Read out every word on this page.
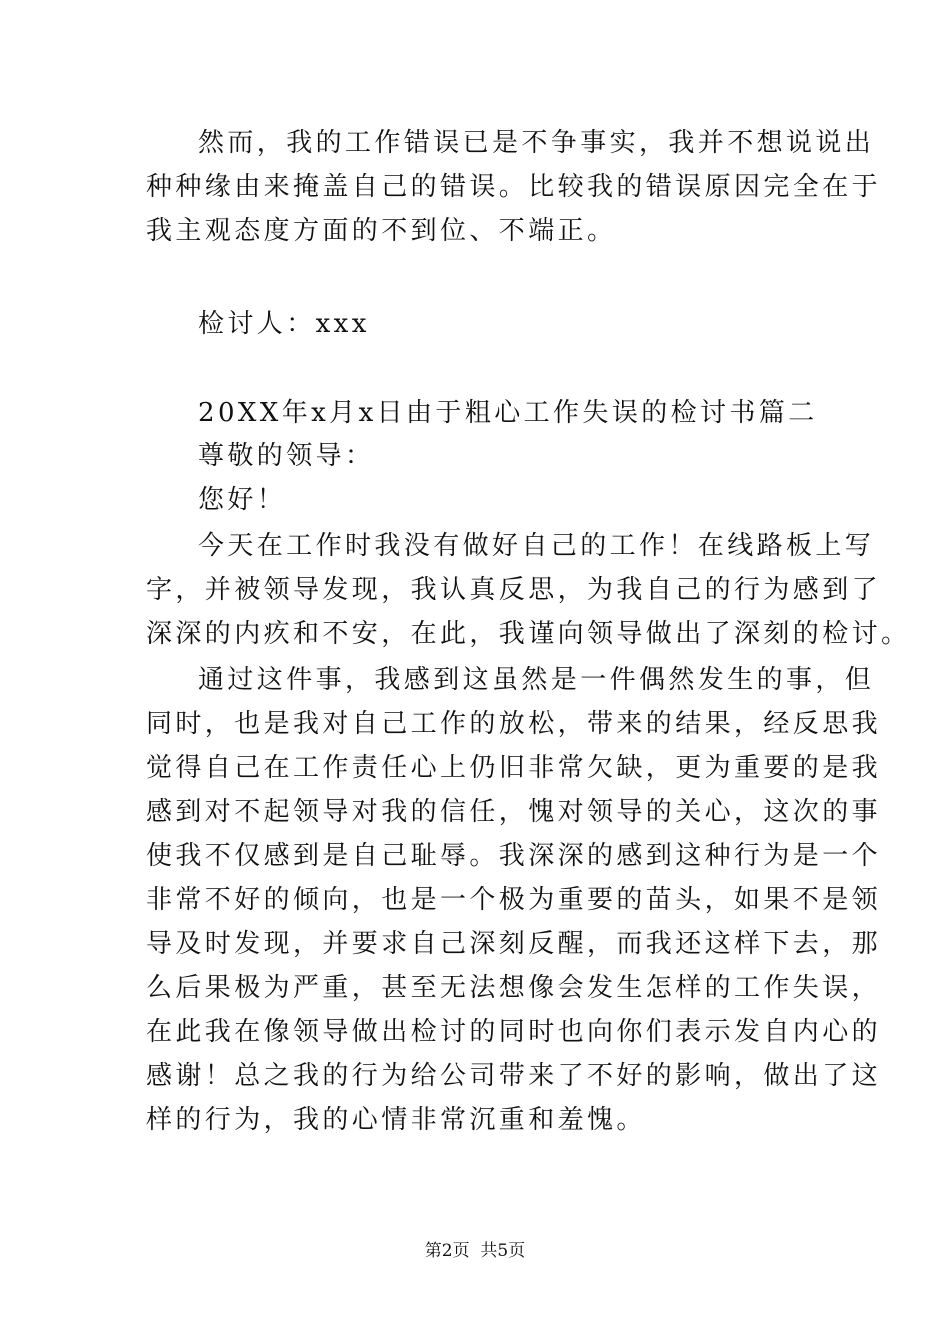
然而，我的工作错误已是不争事实，我并不想说说出
种种缘由来掩盖自己的错误。比较我的错误原因完全在于
我主观态度方面的不到位、不端正。
检讨人：xxx
20XX年x月x日由于粗心工作失误的检讨书篇二
尊敬的领导：
您好！
今天在工作时我没有做好自己的工作！在线路板上写
字，并被领导发现，我认真反思，为我自己的行为感到了
深深的内疚和不安，在此，我谨向领导做出了深刻的检讨。
通过这件事，我感到这虽然是一件偶然发生的事，但
同时，也是我对自己工作的放松，带来的结果，经反思我
觉得自己在工作责任心上仍旧非常欠缺，更为重要的是我
感到对不起领导对我的信任，愧对领导的关心，这次的事
使我不仅感到是自己耻辱。我深深的感到这种行为是一个
非常不好的倾向，也是一个极为重要的苗头，如果不是领
导及时发现，并要求自己深刻反醒，而我还这样下去，那
么后果极为严重，甚至无法想像会发生怎样的工作失误，
在此我在像领导做出检讨的同时也向你们表示发自内心的
感谢！总之我的行为给公司带来了不好的影响，做出了这
样的行为，我的心情非常沉重和羞愧。
第2页  共5页
